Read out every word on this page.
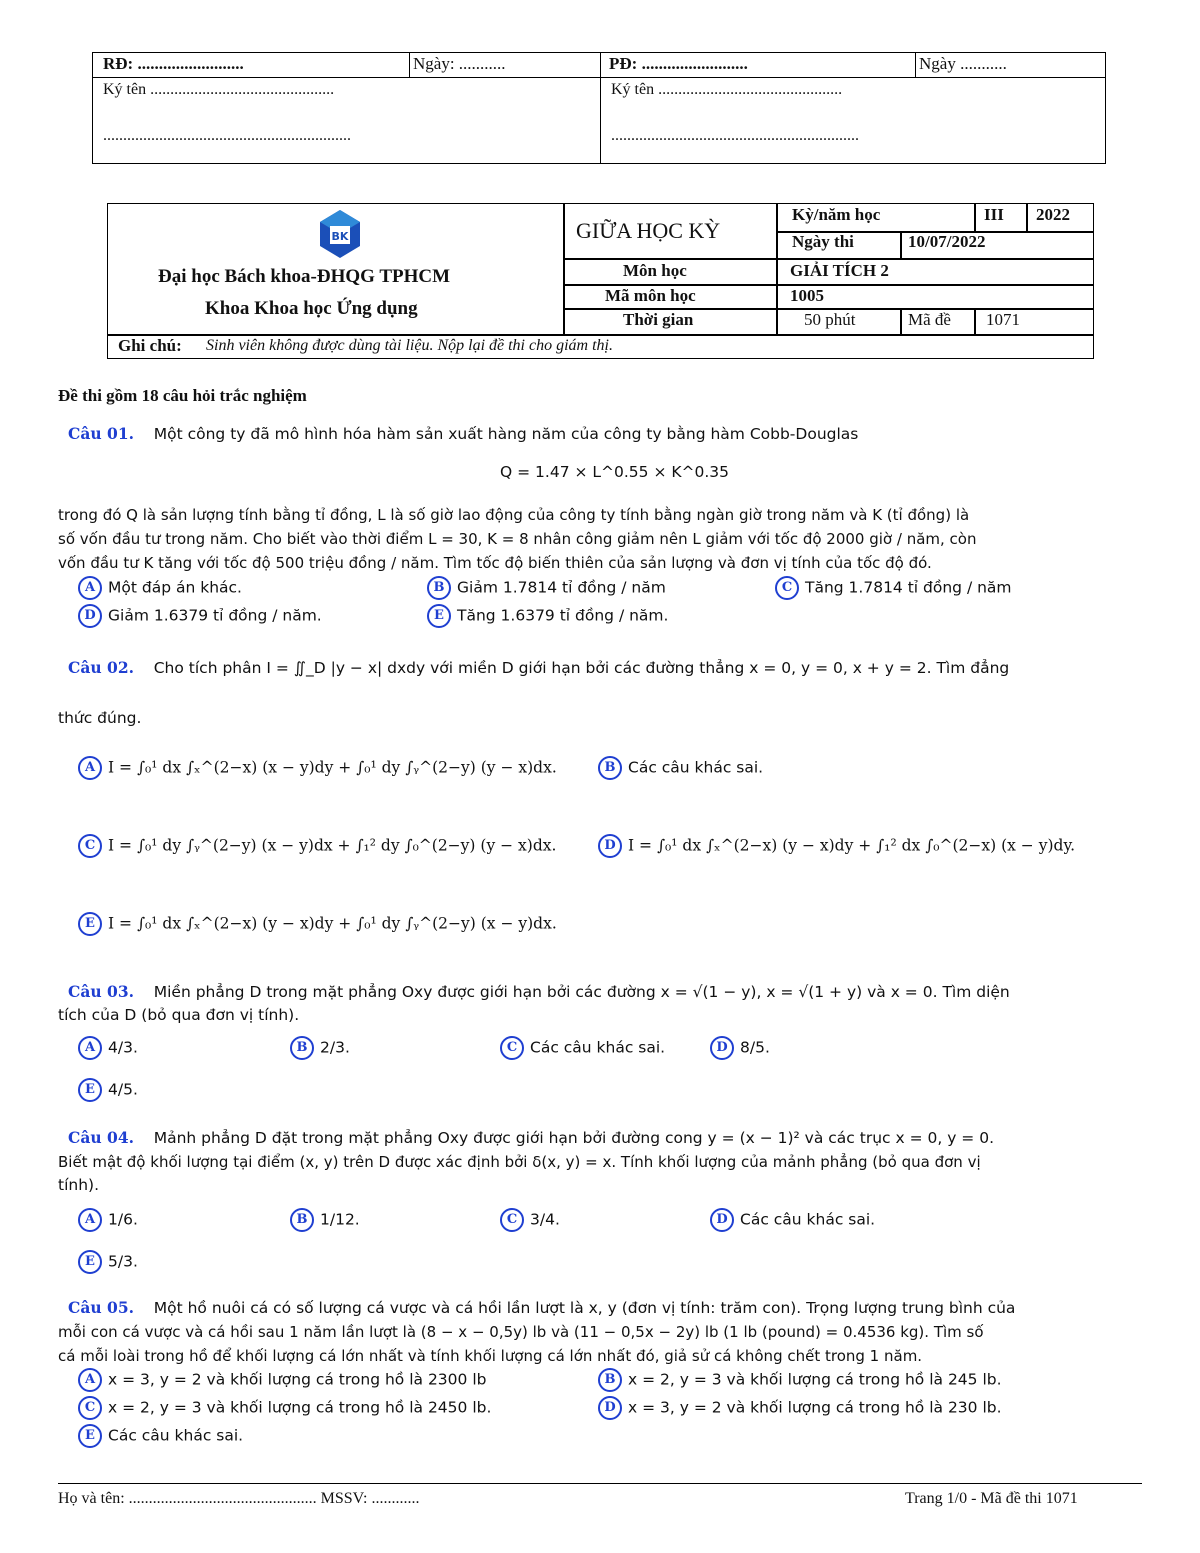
RĐ: .........................	Ngày: ...........	PĐ: .........................	Ngày ...........
Ký tên ..............................................	Ký tên ..............................................
..............................................................	..............................................................
BK
Đại học Bách khoa-ĐHQG TPHCM
Khoa Khoa học Ứng dụng
GIỮA HỌC KỲ
Kỳ/năm học	III 2022
Ngày thi	10/07/2022
Môn học	GIẢI TÍCH 2
Mã môn học	1005
Thời gian	50 phút	Mã đề 1071
Ghi chú: Sinh viên không được dùng tài liệu. Nộp lại đề thi cho giám thị.
Đề thi gồm 18 câu hỏi trắc nghiệm
Câu 01. Một công ty đã mô hình hóa hàm sản xuất hàng năm của công ty bằng hàm Cobb-Douglas
Q = 1.47 × L^0.55 × K^0.35
trong đó Q là sản lượng tính bằng tỉ đồng, L là số giờ lao động của công ty tính bằng ngàn giờ trong năm và K (tỉ đồng) là
số vốn đầu tư trong năm. Cho biết vào thời điểm L = 30, K = 8 nhân công giảm nên L giảm với tốc độ 2000 giờ / năm, còn
vốn đầu tư K tăng với tốc độ 500 triệu đồng / năm. Tìm tốc độ biến thiên của sản lượng và đơn vị tính của tốc độ đó.
A Một đáp án khác.	B Giảm 1.7814 tỉ đồng / năm	C Tăng 1.7814 tỉ đồng / năm
D Giảm 1.6379 tỉ đồng / năm.	E Tăng 1.6379 tỉ đồng / năm.
Câu 02. Cho tích phân I = ∬_D |y − x| dxdy với miền D giới hạn bởi các đường thẳng x = 0, y = 0, x + y = 2. Tìm đẳng
thức đúng.
A I = ∫₀¹ dx ∫ₓ^(2−x) (x − y)dy + ∫₀¹ dy ∫ᵧ^(2−y) (y − x)dx.	B Các câu khác sai.
C I = ∫₀¹ dy ∫ᵧ^(2−y) (x − y)dx + ∫₁² dy ∫₀^(2−y) (y − x)dx.	D I = ∫₀¹ dx ∫ₓ^(2−x) (y − x)dy + ∫₁² dx ∫₀^(2−x) (x − y)dy.
E I = ∫₀¹ dx ∫ₓ^(2−x) (y − x)dy + ∫₀¹ dy ∫ᵧ^(2−y) (x − y)dx.
Câu 03. Miền phẳng D trong mặt phẳng Oxy được giới hạn bởi các đường x = √(1 − y), x = √(1 + y) và x = 0. Tìm diện
tích của D (bỏ qua đơn vị tính).
A 4/3.	B 2/3.	C Các câu khác sai.	D 8/5.
E 4/5.
Câu 04. Mảnh phẳng D đặt trong mặt phẳng Oxy được giới hạn bởi đường cong y = (x − 1)² và các trục x = 0, y = 0.
Biết mật độ khối lượng tại điểm (x, y) trên D được xác định bởi δ(x, y) = x. Tính khối lượng của mảnh phẳng (bỏ qua đơn vị
tính).
A 1/6.	B 1/12.	C 3/4.	D Các câu khác sai.
E 5/3.
Câu 05. Một hồ nuôi cá có số lượng cá vược và cá hồi lần lượt là x, y (đơn vị tính: trăm con). Trọng lượng trung bình của
mỗi con cá vược và cá hồi sau 1 năm lần lượt là (8 − x − 0,5y) lb và (11 − 0,5x − 2y) lb (1 lb (pound) = 0.4536 kg). Tìm số
cá mỗi loài trong hồ để khối lượng cá lớn nhất và tính khối lượng cá lớn nhất đó, giả sử cá không chết trong 1 năm.
A x = 3, y = 2 và khối lượng cá trong hồ là 2300 lb	B x = 2, y = 3 và khối lượng cá trong hồ là 245 lb.
C x = 2, y = 3 và khối lượng cá trong hồ là 2450 lb.	D x = 3, y = 2 và khối lượng cá trong hồ là 230 lb.
E Các câu khác sai.
Họ và tên: ............................................... MSSV: ............	Trang 1/0 - Mã đề thi 1071
